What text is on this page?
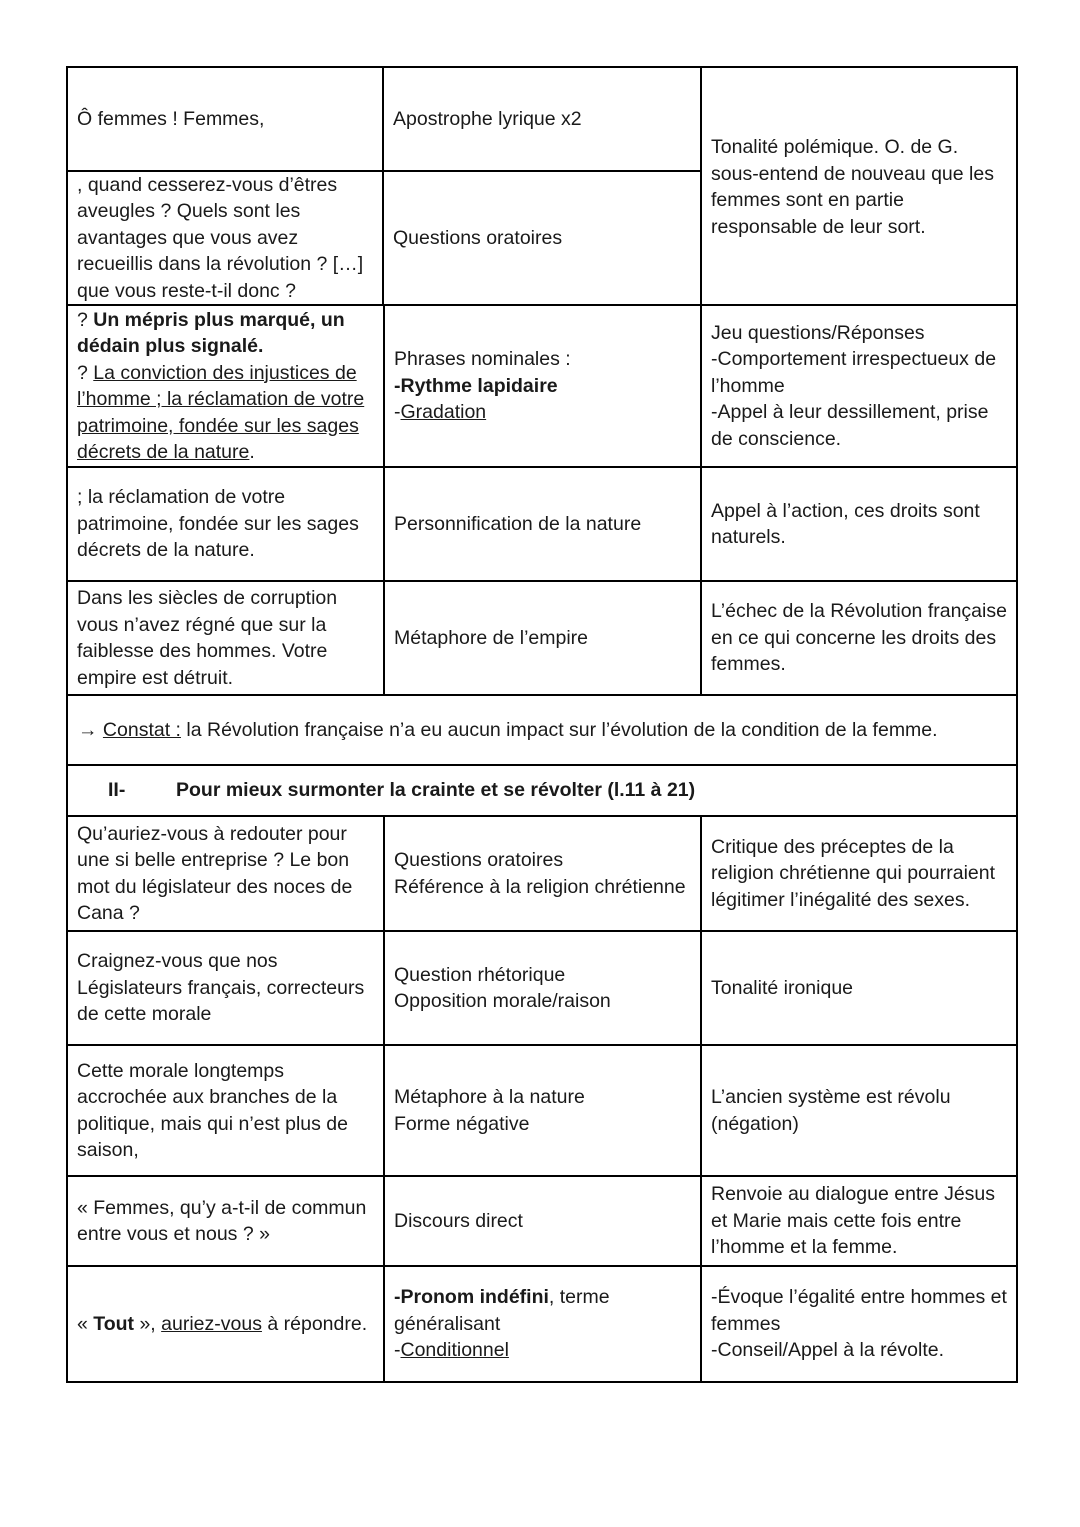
Ô femmes ! Femmes,	Apostrophe lyrique x2
, quand cesserez-vous d’êtres aveugles ? Quels sont les avantages que vous avez recueillis dans la révolution ? […] que vous reste-t-il donc ?
Questions oratoires
Tonalité polémique. O. de G. sous-entend de nouveau que les femmes sont en partie responsable de leur sort.
? Un mépris plus marqué, un dédain plus signalé.
? La conviction des injustices de l’homme ; la réclamation de votre patrimoine, fondée sur les sages décrets de la nature.
Phrases nominales :
-Rythme lapidaire
-Gradation
Jeu questions/Réponses
-Comportement irrespectueux de l’homme
-Appel à leur dessillement, prise de conscience.
; la réclamation de votre patrimoine, fondée sur les sages décrets de la nature.
Personnification de la nature
Appel à l’action, ces droits sont naturels.
Dans les siècles de corruption vous n’avez régné que sur la faiblesse des hommes. Votre empire est détruit.
Métaphore de l’empire
L’échec de la Révolution française en ce qui concerne les droits des femmes.
→ Constat : la Révolution française n’a eu aucun impact sur l’évolution de la condition de la femme.
II-	Pour mieux surmonter la crainte et se révolter (l.11 à 21)
Qu’auriez-vous à redouter pour une si belle entreprise ? Le bon mot du législateur des noces de Cana ?
Questions oratoires
Référence à la religion chrétienne
Critique des préceptes de la religion chrétienne qui pourraient légitimer l’inégalité des sexes.
Craignez-vous que nos Législateurs français, correcteurs de cette morale
Question rhétorique
Opposition morale/raison
Tonalité ironique
Cette morale longtemps accrochée aux branches de la politique, mais qui n’est plus de saison,
Métaphore à la nature
Forme négative
L’ancien système est révolu
(négation)
« Femmes, qu’y a-t-il de commun entre vous et nous ? »
Discours direct
Renvoie au dialogue entre Jésus et Marie mais cette fois entre l’homme et la femme.
« Tout », auriez-vous à répondre.
-Pronom indéfini, terme généralisant
-Conditionnel
-Évoque l’égalité entre hommes et femmes
-Conseil/Appel à la révolte.
